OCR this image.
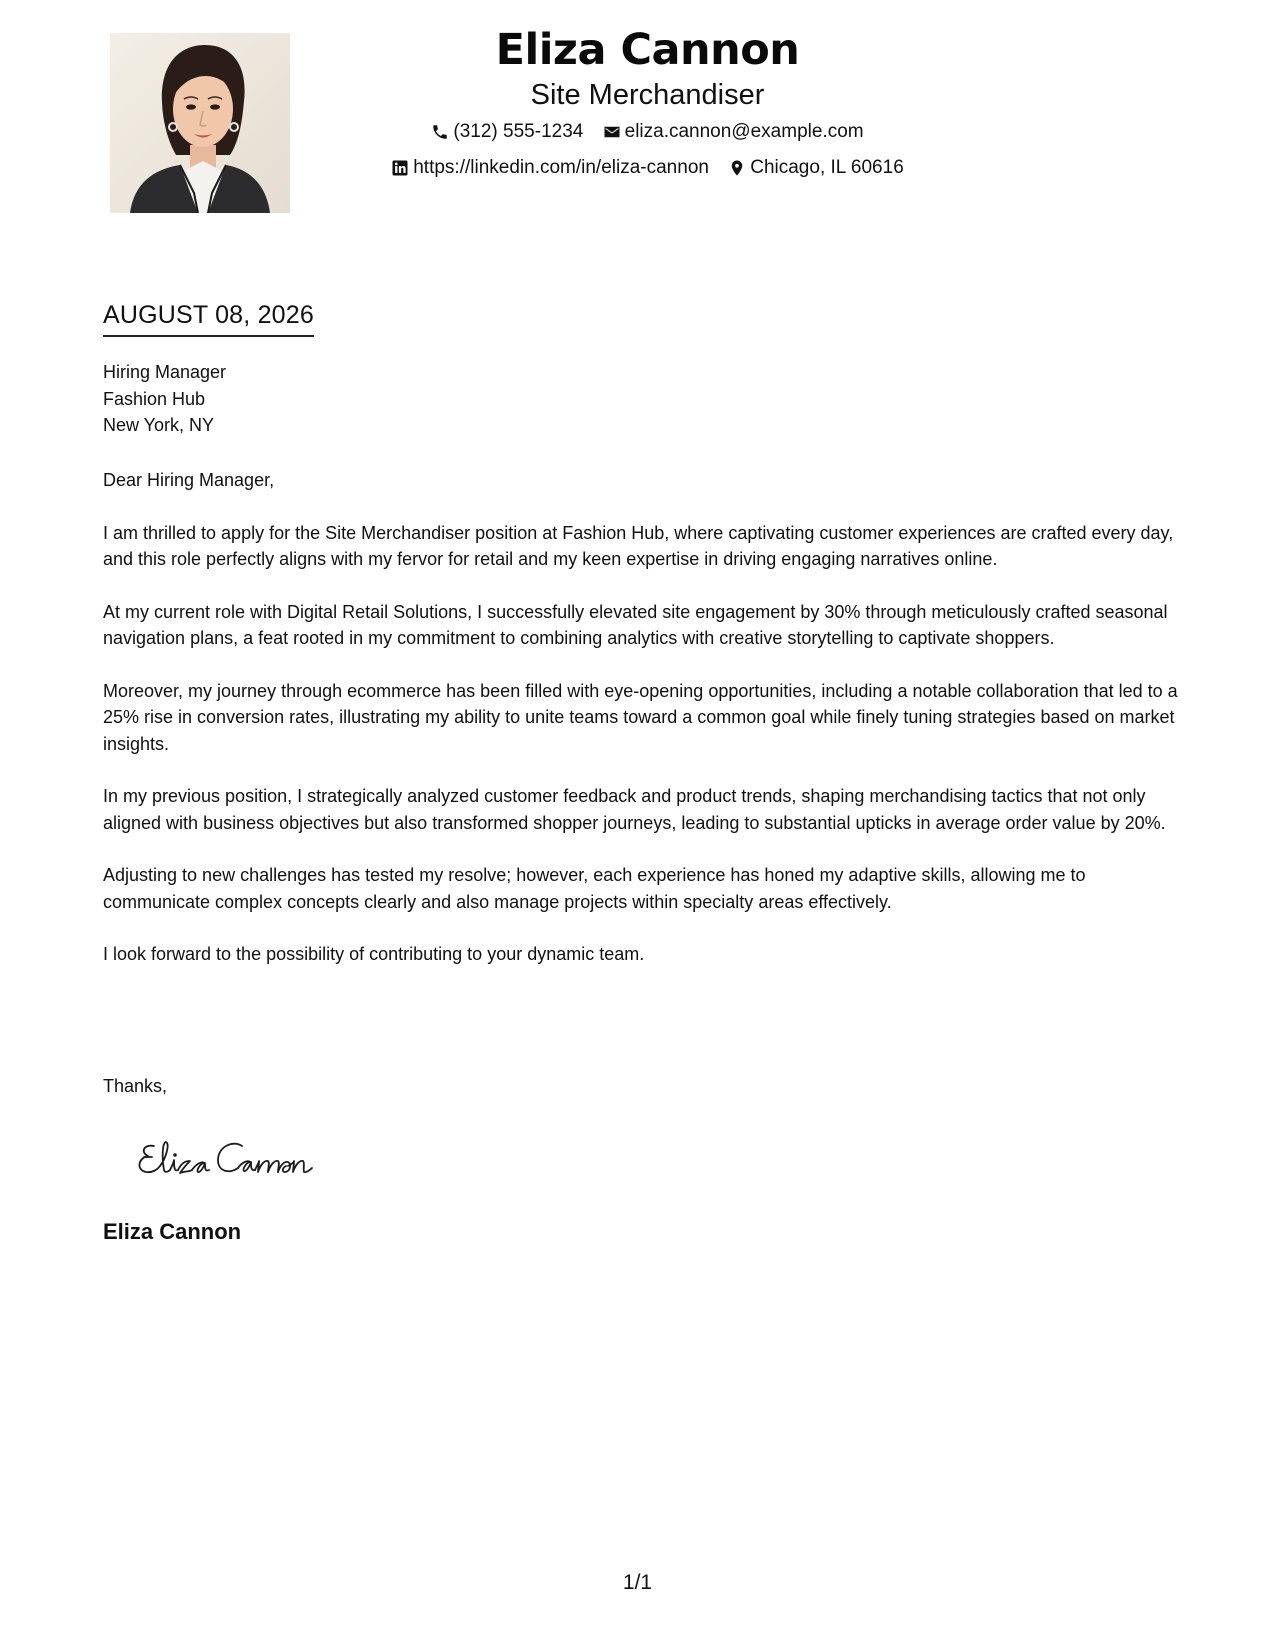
Eliza Cannon
Site Merchandiser
(312) 555-1234
eliza.cannon@example.com
https://linkedin.com/in/eliza-cannon
Chicago, IL 60616
AUGUST 08, 2026
Hiring Manager
Fashion Hub
New York, NY

Dear Hiring Manager,

I am thrilled to apply for the Site Merchandiser position at Fashion Hub, where captivating customer experiences are crafted every day, and this role perfectly aligns with my fervor for retail and my keen expertise in driving engaging narratives online.

At my current role with Digital Retail Solutions, I successfully elevated site engagement by 30% through meticulously crafted seasonal navigation plans, a feat rooted in my commitment to combining analytics with creative storytelling to captivate shoppers.

Moreover, my journey through ecommerce has been filled with eye-opening opportunities, including a notable collaboration that led to a 25% rise in conversion rates, illustrating my ability to unite teams toward a common goal while finely tuning strategies based on market insights.

In my previous position, I strategically analyzed customer feedback and product trends, shaping merchandising tactics that not only aligned with business objectives but also transformed shopper journeys, leading to substantial upticks in average order value by 20%.

Adjusting to new challenges has tested my resolve; however, each experience has honed my adaptive skills, allowing me to communicate complex concepts clearly and also manage projects within specialty areas effectively.

I look forward to the possibility of contributing to your dynamic team.

Thanks,
Eliza Cannon
1/1
